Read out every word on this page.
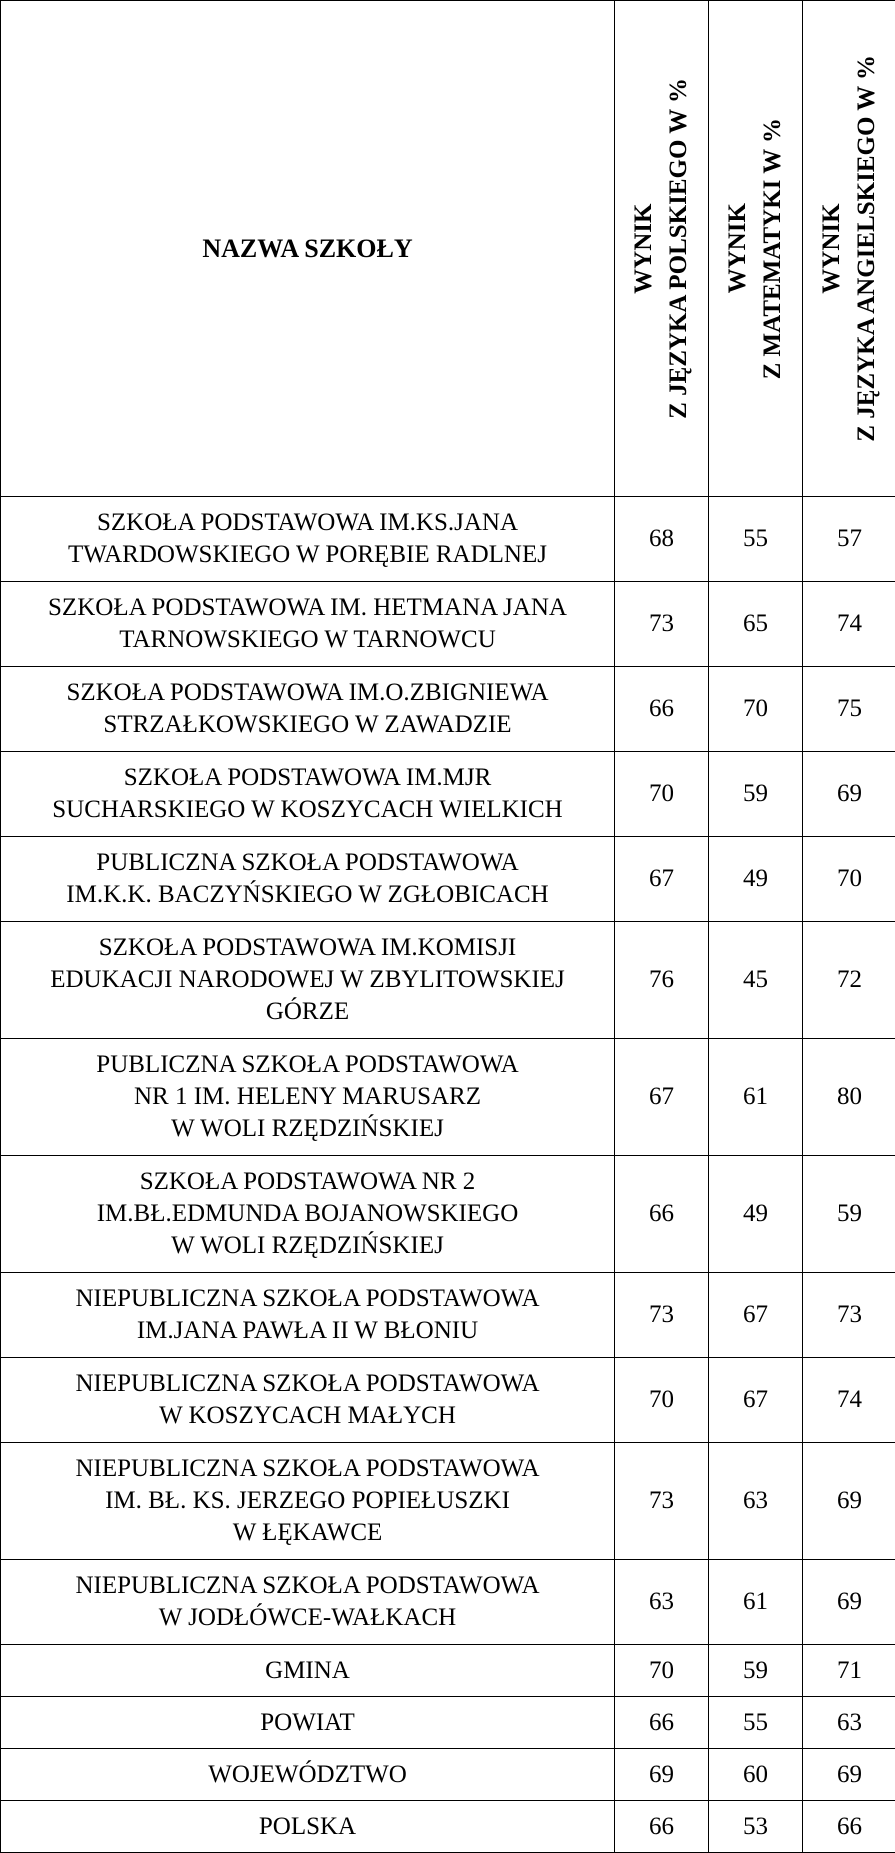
NAZWA SZKOŁY	WYNIK Z JĘZYKA POLSKIEGO W %	WYNIK Z MATEMATYKI W %	WYNIK Z JĘZYKA ANGIELSKIEGO W %

SZKOŁA PODSTAWOWA IM.KS.JANA
TWARDOWSKIEGO W PORĘBIE RADLNEJ	68	55	57

SZKOŁA PODSTAWOWA IM. HETMANA JANA
TARNOWSKIEGO W TARNOWCU	73	65	74

SZKOŁA PODSTAWOWA IM.O.ZBIGNIEWA
STRZAŁKOWSKIEGO W ZAWADZIE	66	70	75

SZKOŁA PODSTAWOWA IM.MJR
SUCHARSKIEGO W KOSZYCACH WIELKICH	70	59	69

PUBLICZNA SZKOŁA PODSTAWOWA
IM.K.K. BACZYŃSKIEGO W ZGŁOBICACH	67	49	70

SZKOŁA PODSTAWOWA IM.KOMISJI
EDUKACJI NARODOWEJ W ZBYLITOWSKIEJ
GÓRZE	76	45	72

PUBLICZNA SZKOŁA PODSTAWOWA
NR 1 IM. HELENY MARUSARZ
W WOLI RZĘDZIŃSKIEJ	67	61	80

SZKOŁA PODSTAWOWA NR 2
IM.BŁ.EDMUNDA BOJANOWSKIEGO
W WOLI RZĘDZIŃSKIEJ	66	49	59

NIEPUBLICZNA SZKOŁA PODSTAWOWA
IM.JANA PAWŁA II W BŁONIU	73	67	73

NIEPUBLICZNA SZKOŁA PODSTAWOWA
W KOSZYCACH MAŁYCH	70	67	74

NIEPUBLICZNA SZKOŁA PODSTAWOWA
IM. BŁ. KS. JERZEGO POPIEŁUSZKI
W ŁĘKAWCE	73	63	69

NIEPUBLICZNA SZKOŁA PODSTAWOWA
W JODŁÓWCE-WAŁKACH	63	61	69
GMINA	70	59	71
POWIAT	66	55	63
WOJEWÓDZTWO	69	60	69
POLSKA	66	53	66
